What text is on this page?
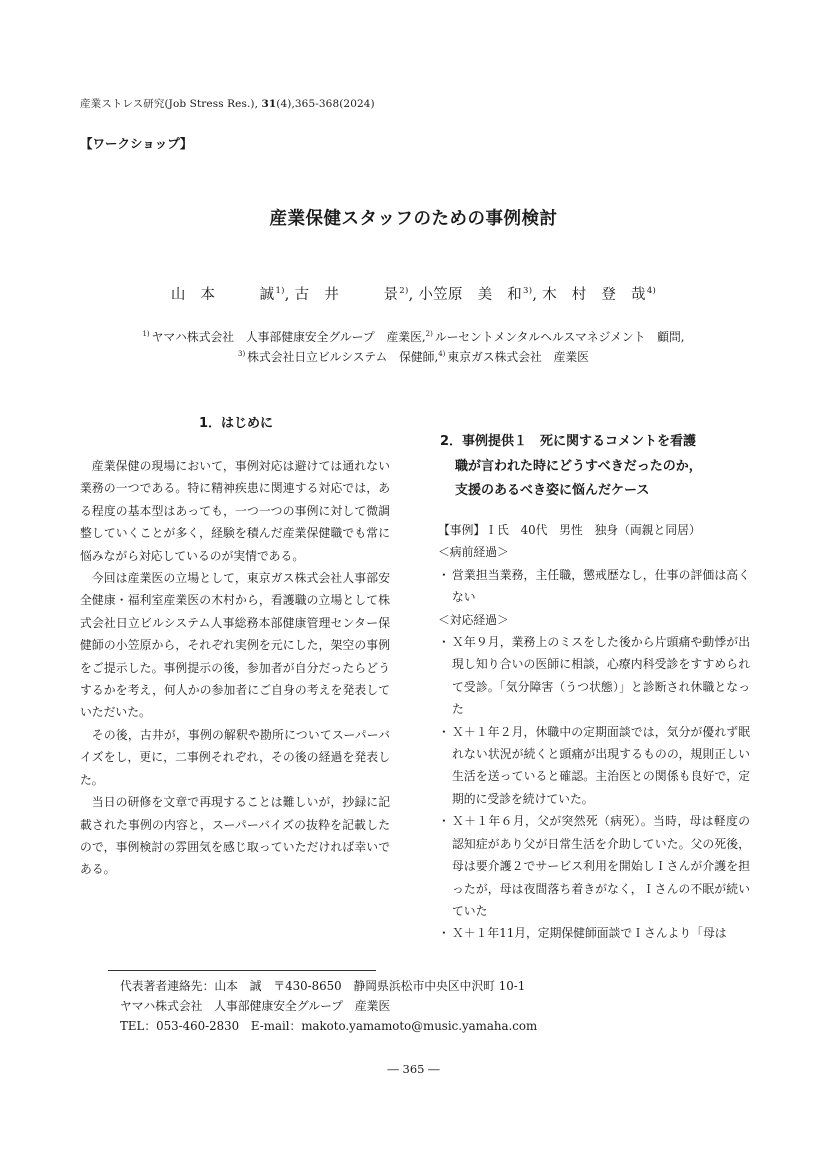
産業ストレス研究(Job Stress Res.), 31(4),365-368(2024)
【ワークショップ】
産業保健スタッフのための事例検討
山　本　　　誠$^{1)}$, 古　井　　　景$^{2)}$, 小笠原　美　和$^{3)}$, 木　村　登　哉$^{4)}$
$^{1)}$ ヤマハ株式会社　人事部健康安全グループ　産業医,$^{2)}$ ルーセントメンタルヘルスマネジメント　顧問,
$^{3)}$ 株式会社日立ビルシステム　保健師,$^{4)}$ 東京ガス株式会社　産業医
1．はじめに

産業保健の現場において，事例対応は避けては通れない業務の一つである。特に精神疾患に関連する対応では，ある程度の基本型はあっても，一つ一つの事例に対して微調整していくことが多く，経験を積んだ産業保健職でも常に悩みながら対応しているのが実情である。

今回は産業医の立場として，東京ガス株式会社人事部安全健康・福利室産業医の木村から，看護職の立場として株式会社日立ビルシステム人事総務本部健康管理センター保健師の小笠原から，それぞれ実例を元にした，架空の事例をご提示した。事例提示の後，参加者が自分だったらどうするかを考え，何人かの参加者にご自身の考えを発表していただいた。

その後，古井が，事例の解釈や勘所についてスーパーバイズをし，更に，二事例それぞれ，その後の経過を発表した。

当日の研修を文章で再現することは難しいが，抄録に記載された事例の内容と，スーパーバイズの抜粋を記載したので，事例検討の雰囲気を感じ取っていただければ幸いである。

2．事例提供１　死に関するコメントを看護
職が言われた時にどうすべきだったのか，
支援のあるべき姿に悩んだケース
【事例】Ｉ氏　40代　男性　独身（両親と同居）
＜病前経過＞
・ 営業担当業務，主任職，懲戒歴なし，仕事の評価は高くない
＜対応経過＞
・ Ｘ年９月，業務上のミスをした後から片頭痛や動悸が出現し知り合いの医師に相談，心療内科受診をすすめられて受診。「気分障害（うつ状態）」と診断され休職となった
・ Ｘ＋１年２月，休職中の定期面談では，気分が優れず眠れない状況が続くと頭痛が出現するものの，規則正しい生活を送っていると確認。主治医との関係も良好で，定期的に受診を続けていた。
・ Ｘ＋１年６月，父が突然死（病死）。当時，母は軽度の認知症があり父が日常生活を介助していた。父の死後，母は要介護２でサービス利用を開始しＩさんが介護を担ったが，母は夜間落ち着きがなく，Ｉさんの不眠が続いていた
・ Ｘ＋１年11月，定期保健師面談でＩさんより「母は
代表著者連絡先：山本　誠　〒430-8650　静岡県浜松市中央区中沢町 10-1
ヤマハ株式会社　人事部健康安全グループ　産業医
TEL：053-460-2830　E-mail：makoto.yamamoto@music.yamaha.com
― 365 ―
